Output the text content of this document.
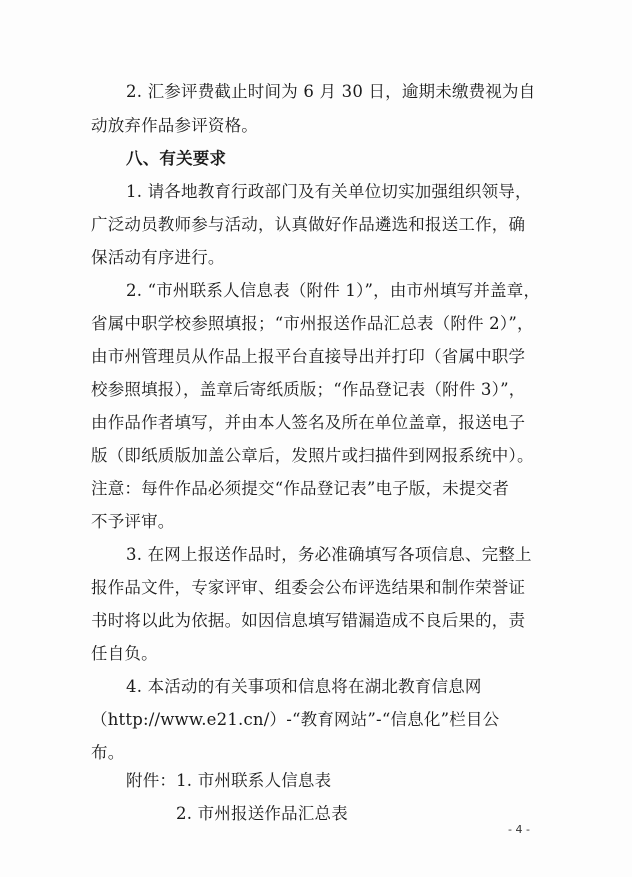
2. 汇参评费截止时间为 6 月 30 日，逾期未缴费视为自
动放弃作品参评资格。
八、有关要求
1. 请各地教育行政部门及有关单位切实加强组织领导，
广泛动员教师参与活动，认真做好作品遴选和报送工作，确
保活动有序进行。
2. “市州联系人信息表（附件 1）”，由市州填写并盖章，
省属中职学校参照填报；“市州报送作品汇总表（附件 2）”，
由市州管理员从作品上报平台直接导出并打印（省属中职学
校参照填报），盖章后寄纸质版；“作品登记表（附件 3）”，
由作品作者填写，并由本人签名及所在单位盖章，报送电子
版（即纸质版加盖公章后，发照片或扫描件到网报系统中）。
注意：每件作品必须提交“作品登记表”电子版，未提交者
不予评审。
3. 在网上报送作品时，务必准确填写各项信息、完整上
报作品文件，专家评审、组委会公布评选结果和制作荣誉证
书时将以此为依据。如因信息填写错漏造成不良后果的，责
任自负。
4. 本活动的有关事项和信息将在湖北教育信息网
（http://www.e21.cn/）-“教育网站”-“信息化”栏目公
布。
附件：1. 市州联系人信息表
2. 市州报送作品汇总表
- 4 -
